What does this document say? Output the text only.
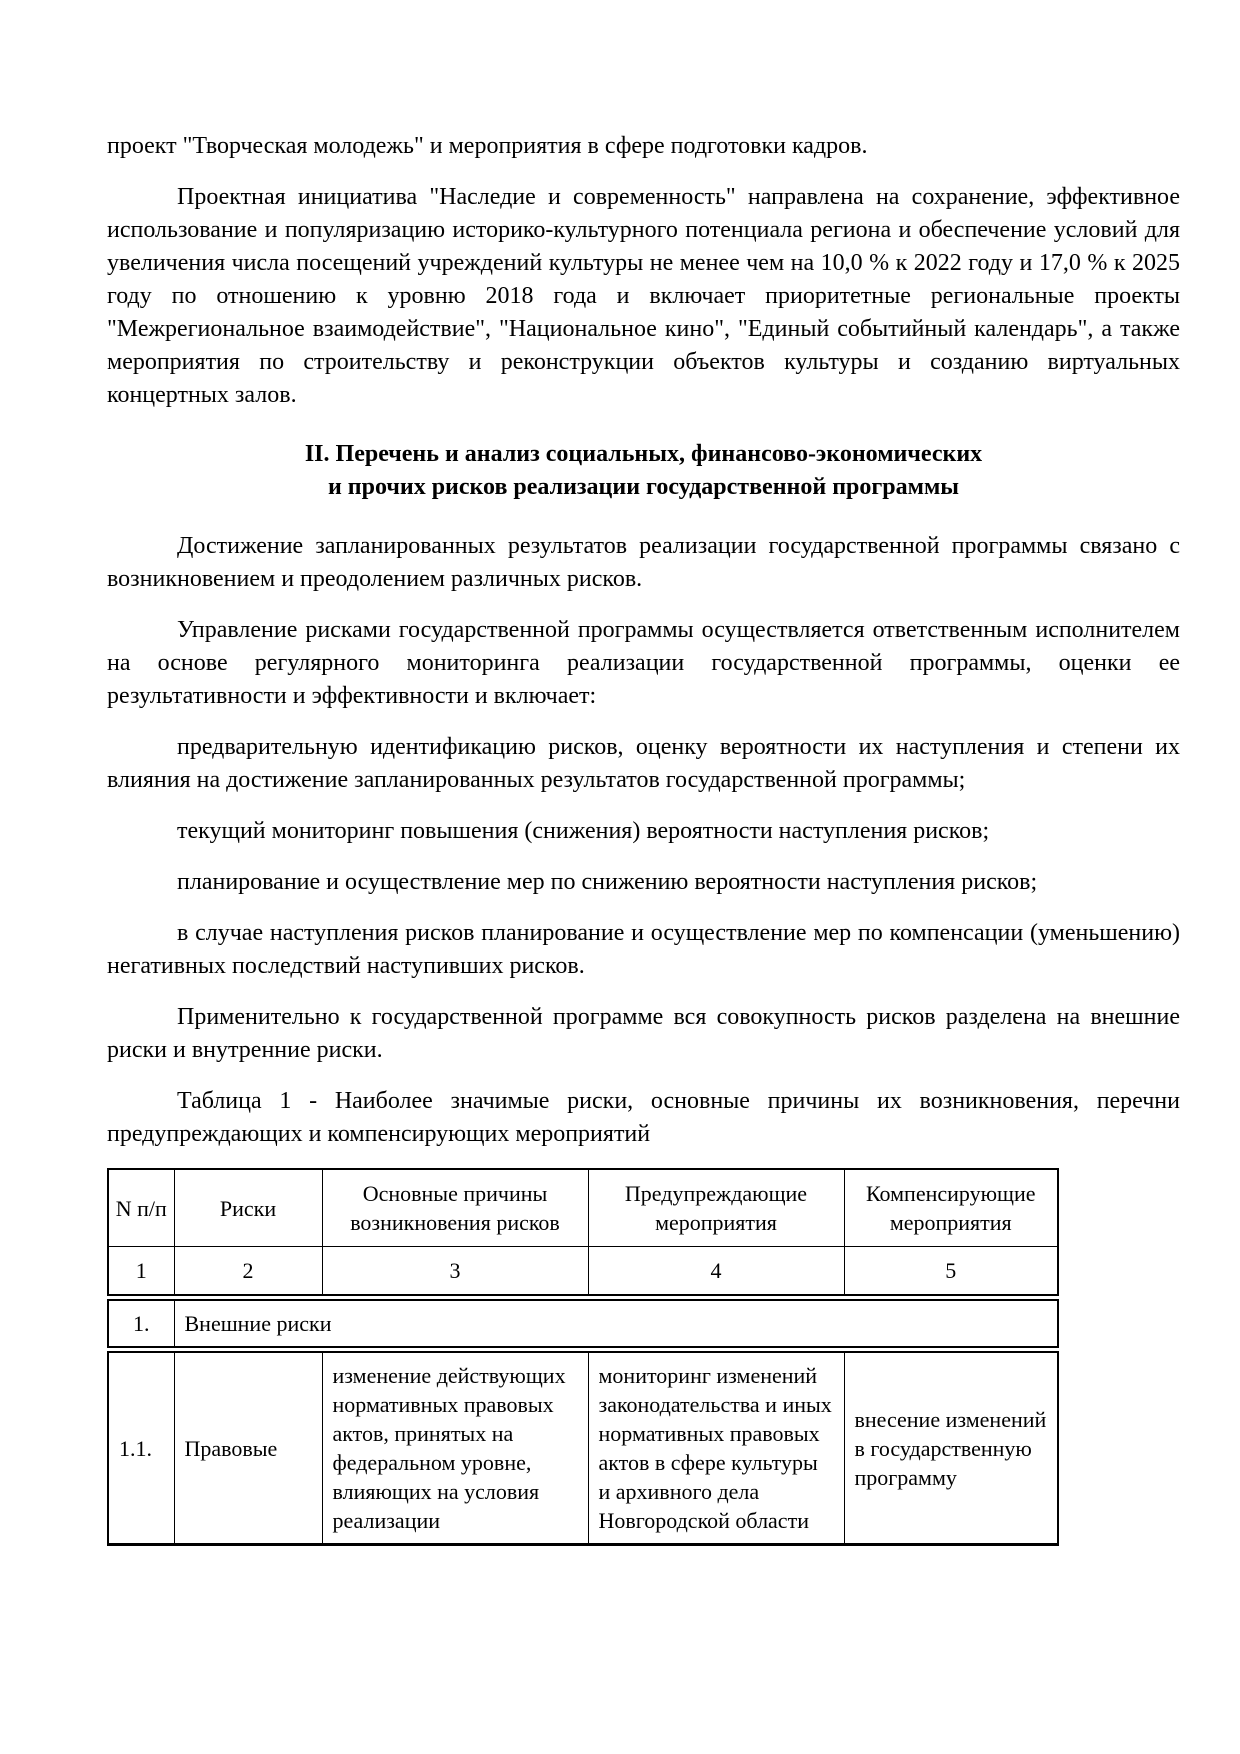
проект "Творческая молодежь" и мероприятия в сфере подготовки кадров.

Проектная инициатива "Наследие и современность" направлена на сохранение, эффективное использование и популяризацию историко-культурного потенциала региона и обеспечение условий для увеличения числа посещений учреждений культуры не менее чем на 10,0 % к 2022 году и 17,0 % к 2025 году по отношению к уровню 2018 года и включает приоритетные региональные проекты "Межрегиональное взаимодействие", "Национальное кино", "Единый событийный календарь", а также мероприятия по строительству и реконструкции объектов культуры и созданию виртуальных концертных залов.

II. Перечень и анализ социальных, финансово-экономических
и прочих рисков реализации государственной программы

Достижение запланированных результатов реализации государственной программы связано с возникновением и преодолением различных рисков.

Управление рисками государственной программы осуществляется ответственным исполнителем на основе регулярного мониторинга реализации государственной программы, оценки ее результативности и эффективности и включает:

предварительную идентификацию рисков, оценку вероятности их наступления и степени их влияния на достижение запланированных результатов государственной программы;

текущий мониторинг повышения (снижения) вероятности наступления рисков;

планирование и осуществление мер по снижению вероятности наступления рисков;

в случае наступления рисков планирование и осуществление мер по компенсации (уменьшению) негативных последствий наступивших рисков.

Применительно к государственной программе вся совокупность рисков разделена на внешние риски и внутренние риски.

Таблица 1 - Наиболее значимые риски, основные причины их возникновения, перечни предупреждающих и компенсирующих мероприятий

N п/п	Риски	Основные причины возникновения рисков	Предупреждающие мероприятия	Компенсирующие мероприятия
1	2	3	4	5
1.	Внешние риски
1.1.	Правовые	изменение действующих нормативных правовых актов, принятых на федеральном уровне, влияющих на условия реализации	мониторинг изменений законодательства и иных нормативных правовых актов в сфере культуры и архивного дела Новгородской области	внесение изменений в государственную программу
